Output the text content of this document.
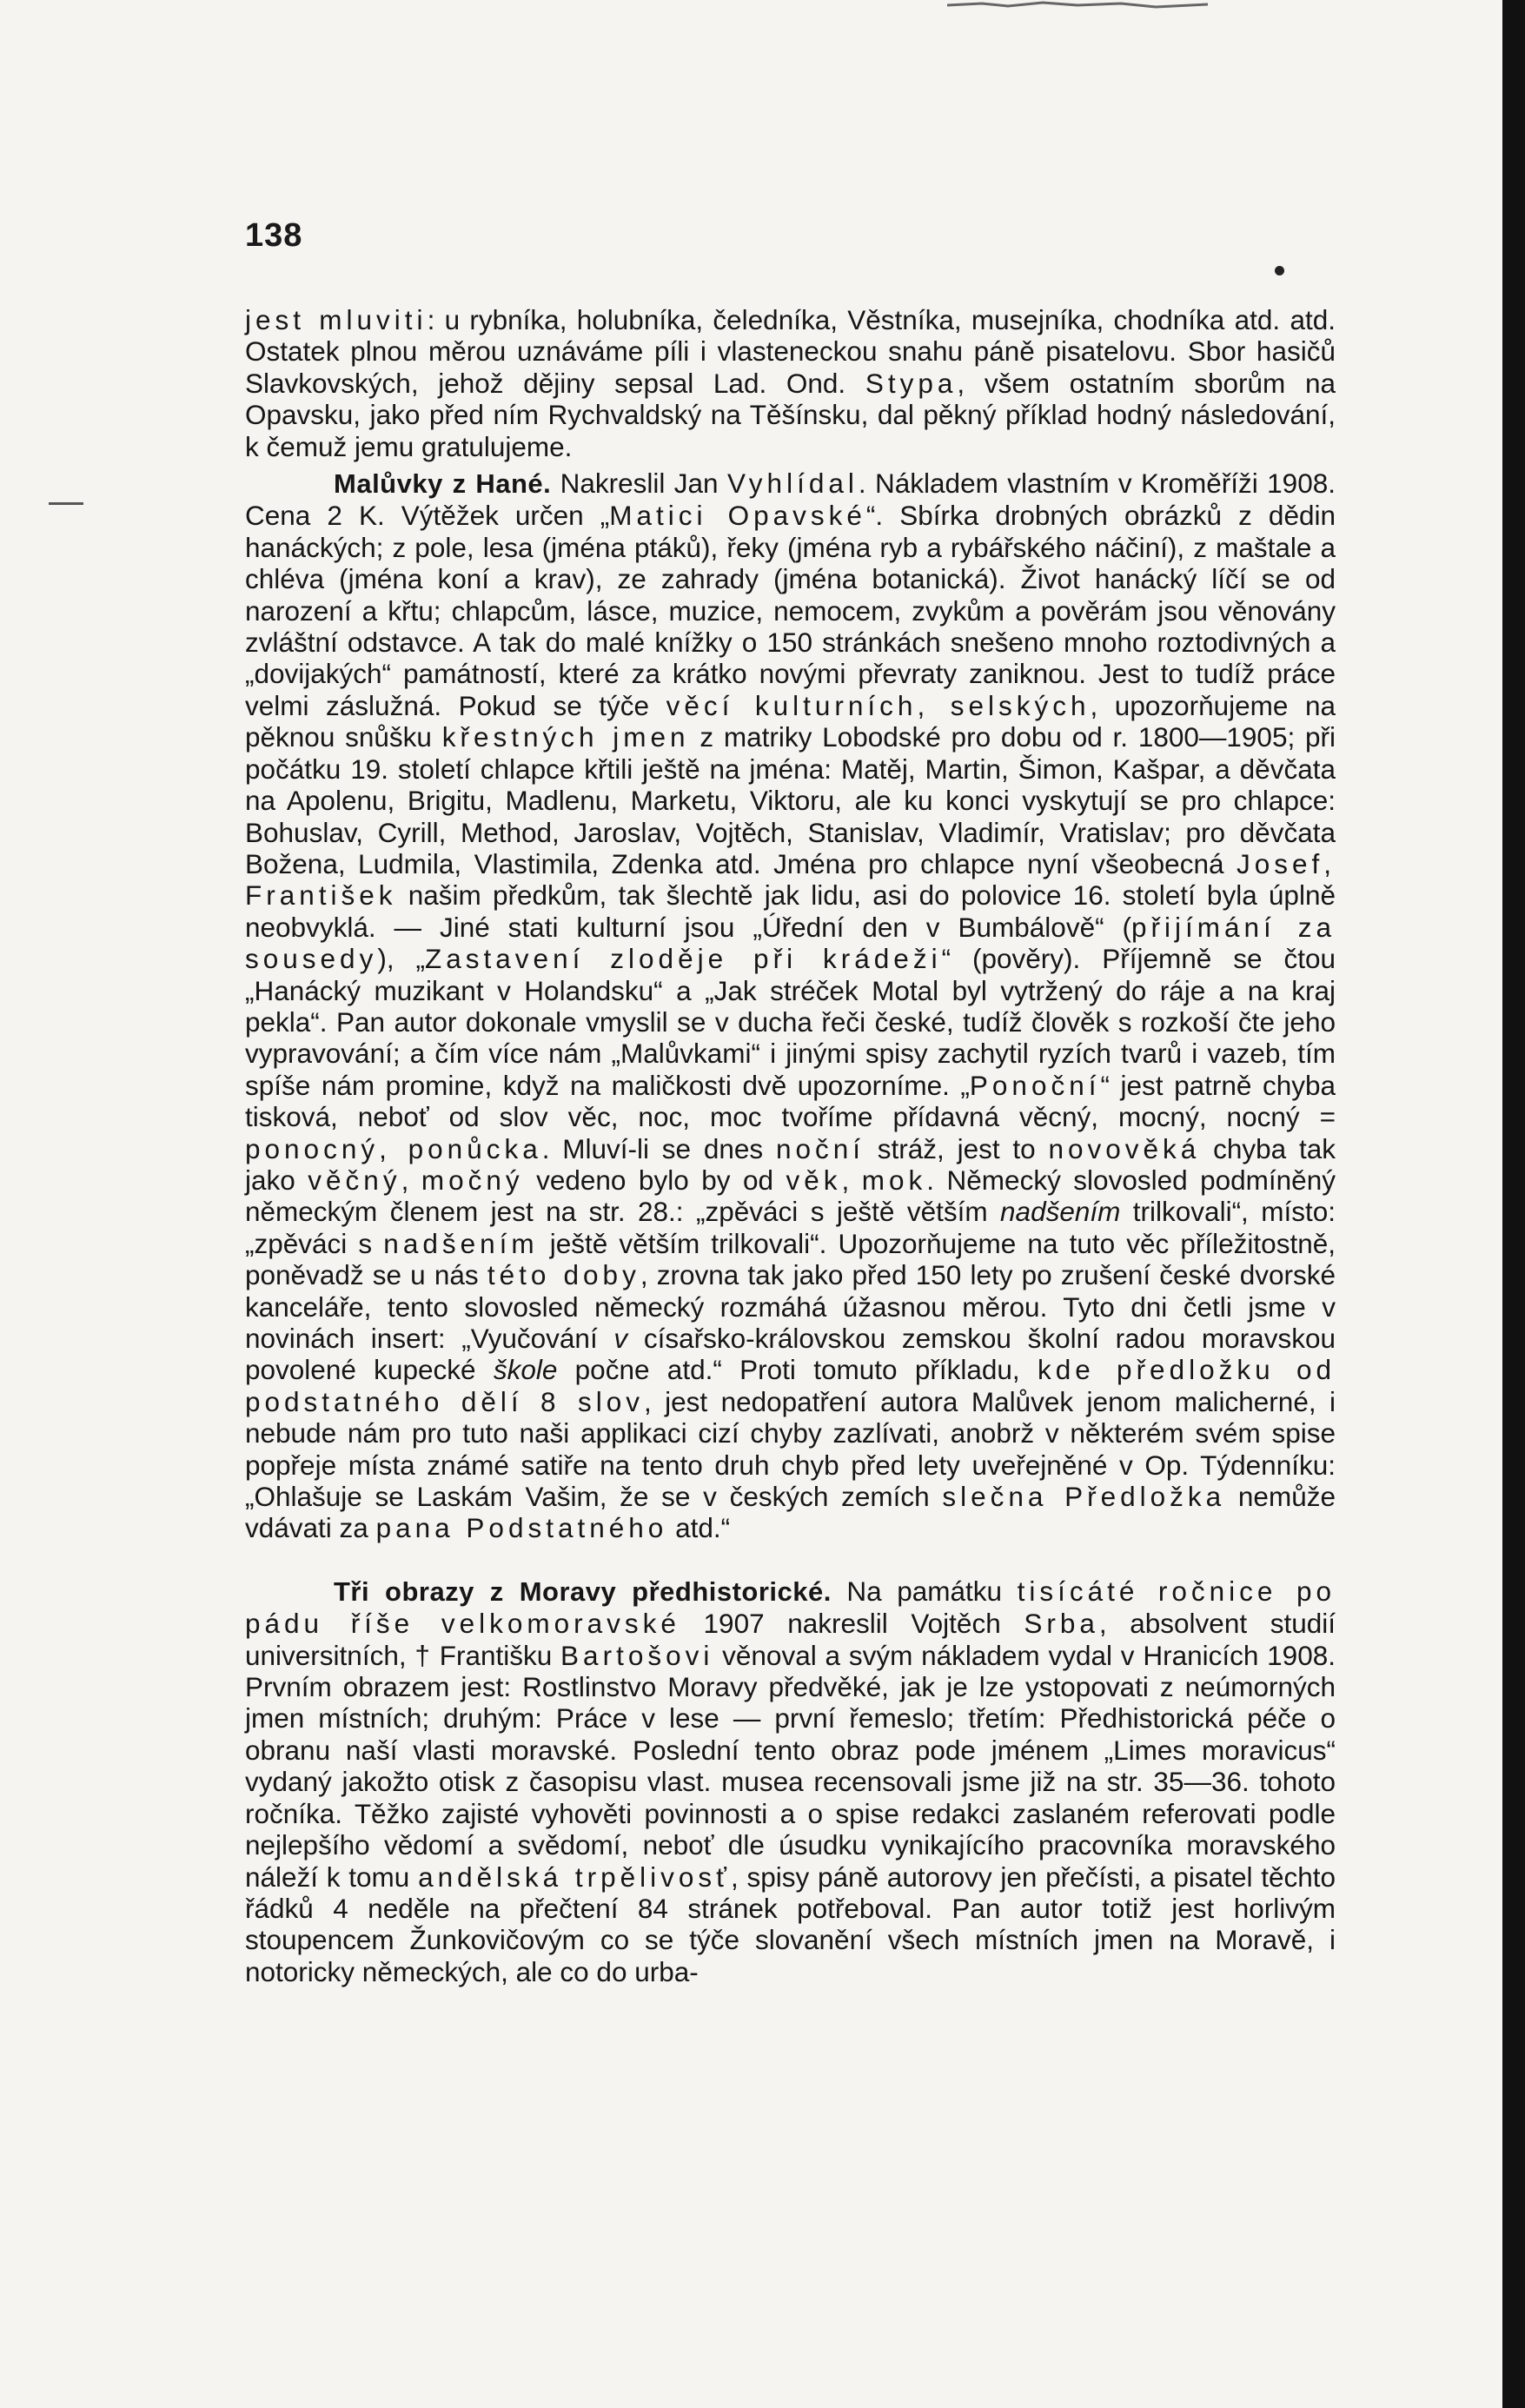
138

jest mluviti: u rybníka, holubníka, čeledníka, Věstníka, musejníka, chodníka atd. atd. Ostatek plnou měrou uznáváme píli i vlasteneckou snahu páně pisatelovu. Sbor hasičů Slavkovských, jehož dějiny sepsal Lad. Ond. Stypa, všem ostatním sborům na Opavsku, jako před ním Rychvaldský na Těšínsku, dal pěkný příklad hodný následování, k čemuž jemu gratulujeme.

Malůvky z Hané. Nakreslil Jan Vyhlídal. Nákladem vlastním v Kroměříži 1908. Cena 2 K. Výtěžek určen „Matici Opavské“. Sbírka drobných obrázků z dědin hanáckých; z pole, lesa (jména ptáků), řeky (jména ryb a rybářského náčiní), z maštale a chléva (jména koní a krav), ze zahrady (jména botanická). Život hanácký líčí se od narození a křtu; chlapcům, lásce, muzice, nemocem, zvykům a pověrám jsou věnovány zvláštní odstavce. A tak do malé knížky o 150 stránkách snešeno mnoho roztodivných a „dovijakých“ památností, které za krátko novými převraty zaniknou. Jest to tudíž práce velmi záslužná. Pokud se týče věcí kulturních, selských, upozorňujeme na pěknou snůšku křestných jmen z matriky Lobodské pro dobu od r. 1800—1905; při počátku 19. století chlapce křtili ještě na jména: Matěj, Martin, Šimon, Kašpar, a děvčata na Apolenu, Brigitu, Madlenu, Marketu, Viktoru, ale ku konci vyskytují se pro chlapce: Bohuslav, Cyrill, Method, Jaroslav, Vojtěch, Stanislav, Vladimír, Vratislav; pro děvčata Božena, Ludmila, Vlastimila, Zdenka atd. Jména pro chlapce nyní všeobecná Josef, František našim předkům, tak šlechtě jak lidu, asi do polovice 16. století byla úplně neobvyklá. — Jiné stati kulturní jsou „Úřední den v Bumbálově“ (přijímání za sousedy), „Zastavení zloděje při krádeži“ (pověry). Příjemně se čtou „Hanácký muzikant v Holandsku“ a „Jak stréček Motal byl vytržený do ráje a na kraj pekla“. Pan autor dokonale vmyslil se v ducha řeči české, tudíž člověk s rozkoší čte jeho vypravování; a čím více nám „Malůvkami“ i jinými spisy zachytil ryzích tvarů i vazeb, tím spíše nám promine, když na maličkosti dvě upozorníme. „Ponoční“ jest patrně chyba tisková, neboť od slov věc, noc, moc tvoříme přídavná věcný, mocný, nocný = ponocný, ponůcka. Mluví-li se dnes noční stráž, jest to novověká chyba tak jako věčný, močný vedeno bylo by od věk, mok. Německý slovosled podmíněný německým členem jest na str. 28.: „zpěváci s ještě větším nadšením trilkovali“, místo: „zpěváci s nadšením ještě větším trilkovali“. Upozorňujeme na tuto věc příležitostně, poněvadž se u nás této doby, zrovna tak jako před 150 lety po zrušení české dvorské kanceláře, tento slovosled německý rozmáhá úžasnou měrou. Tyto dni četli jsme v novinách insert: „Vyučování v císařsko-královskou zemskou školní radou moravskou povolené kupecké škole počne atd.“ Proti tomuto příkladu, kde předložku od podstatného dělí 8 slov, jest nedopatření autora Malůvek jenom malicherné, i nebude nám pro tuto naši applikaci cizí chyby zazlívati, anobrž v některém svém spise popřeje místa známé satiře na tento druh chyb před lety uveřejněné v Op. Týdenníku: „Ohlašuje se Laskám Vašim, že se v českých zemích slečna Předložka nemůže vdávati za pana Podstatného atd.“

Tři obrazy z Moravy předhistorické. Na památku tisícáté ročnice po pádu říše velkomoravské 1907 nakreslil Vojtěch Srba, absolvent studií universitních, † Františku Bartošovi věnoval a svým nákladem vydal v Hranicích 1908. Prvním obrazem jest: Rostlinstvo Moravy předvěké, jak je lze ystopovati z neúmorných jmen místních; druhým: Práce v lese — první řemeslo; třetím: Předhistorická péče o obranu naší vlasti moravské. Poslední tento obraz pode jménem „Limes moravicus“ vydaný jakožto otisk z časopisu vlast. musea recensovali jsme již na str. 35—36. tohoto ročníka. Těžko zajisté vyhověti povinnosti a o spise redakci zaslaném referovati podle nejlepšího vědomí a svědomí, neboť dle úsudku vynikajícího pracovníka moravského náleží k tomu andělská trpělivosť, spisy páně autorovy jen přečísti, a pisatel těchto řádků 4 neděle na přečtení 84 stránek potřeboval. Pan autor totiž jest horlivým stoupencem Žunkovičovým co se týče slovanění všech místních jmen na Moravě, i notoricky německých, ale co do urba-
